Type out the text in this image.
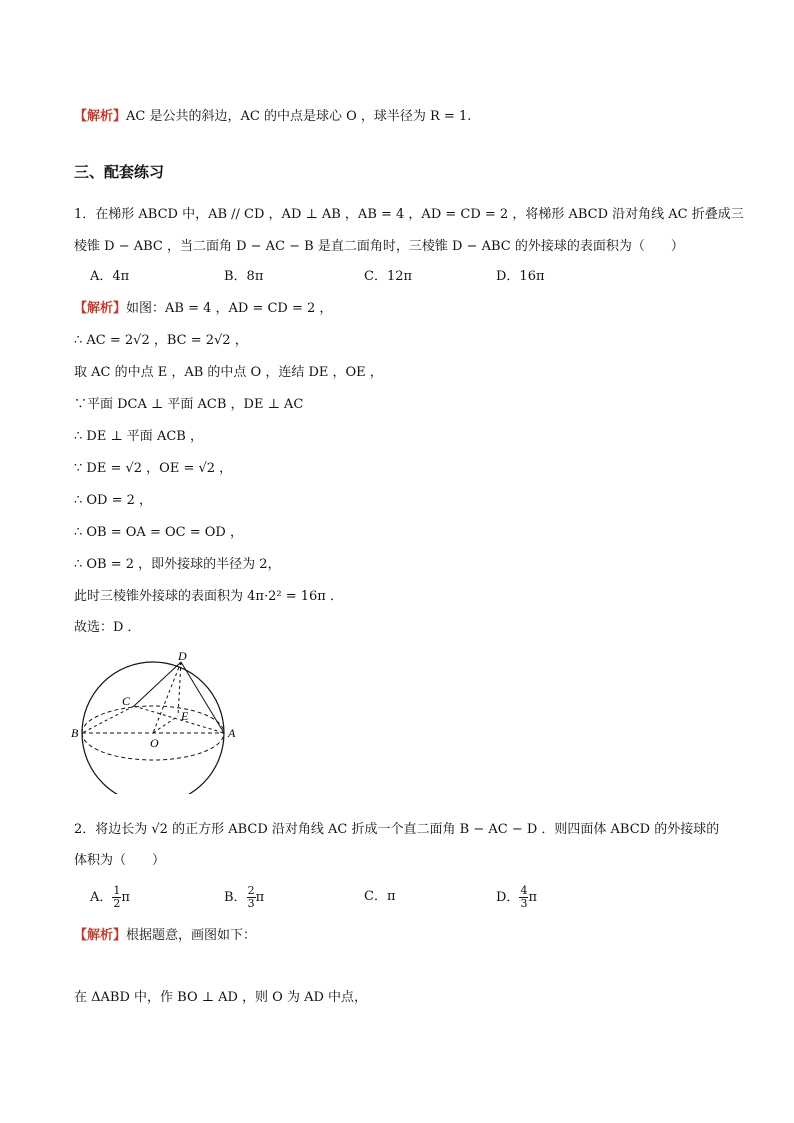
【解析】AC 是公共的斜边，AC 的中点是球心 O ，球半径为 R = 1.
三、配套练习
1．在梯形 ABCD 中，AB // CD ，AD ⊥ AB ，AB = 4 ，AD = CD = 2 ，将梯形 ABCD 沿对角线 AC 折叠成三
棱锥 D − ABC ，当二面角 D − AC − B 是直二面角时，三棱锥 D − ABC 的外接球的表面积为（　　）
A．4π	B．8π	C．12π	D．16π
【解析】如图：AB = 4 ，AD = CD = 2 ，
∴ AC = 2√2 ，BC = 2√2 ，
取 AC 的中点 E ，AB 的中点 O ，连结 DE ，OE ，
∵平面 DCA ⊥ 平面 ACB ，DE ⊥ AC
∴ DE ⊥ 平面 ACB ，
∵ DE = √2 ，OE = √2 ，
∴ OD = 2 ，
∴ OB = OA = OC = OD ，
∴ OB = 2 ，即外接球的半径为 2，
此时三棱锥外接球的表面积为 4π·2² = 16π ．
故选：D ．
D
C
E
B
O
A
2．将边长为 √2 的正方形 ABCD 沿对角线 AC 折成一个直二面角 B − AC − D ．则四面体 ABCD 的外接球的
体积为（　　）
A． $\frac{1}{2}$ π	B． $\frac{2}{3}$ π	C．π	D． $\frac{4}{3}$ π
【解析】根据题意，画图如下：
在 ΔABD 中，作 BO ⊥ AD ，则 O 为 AD 中点，
